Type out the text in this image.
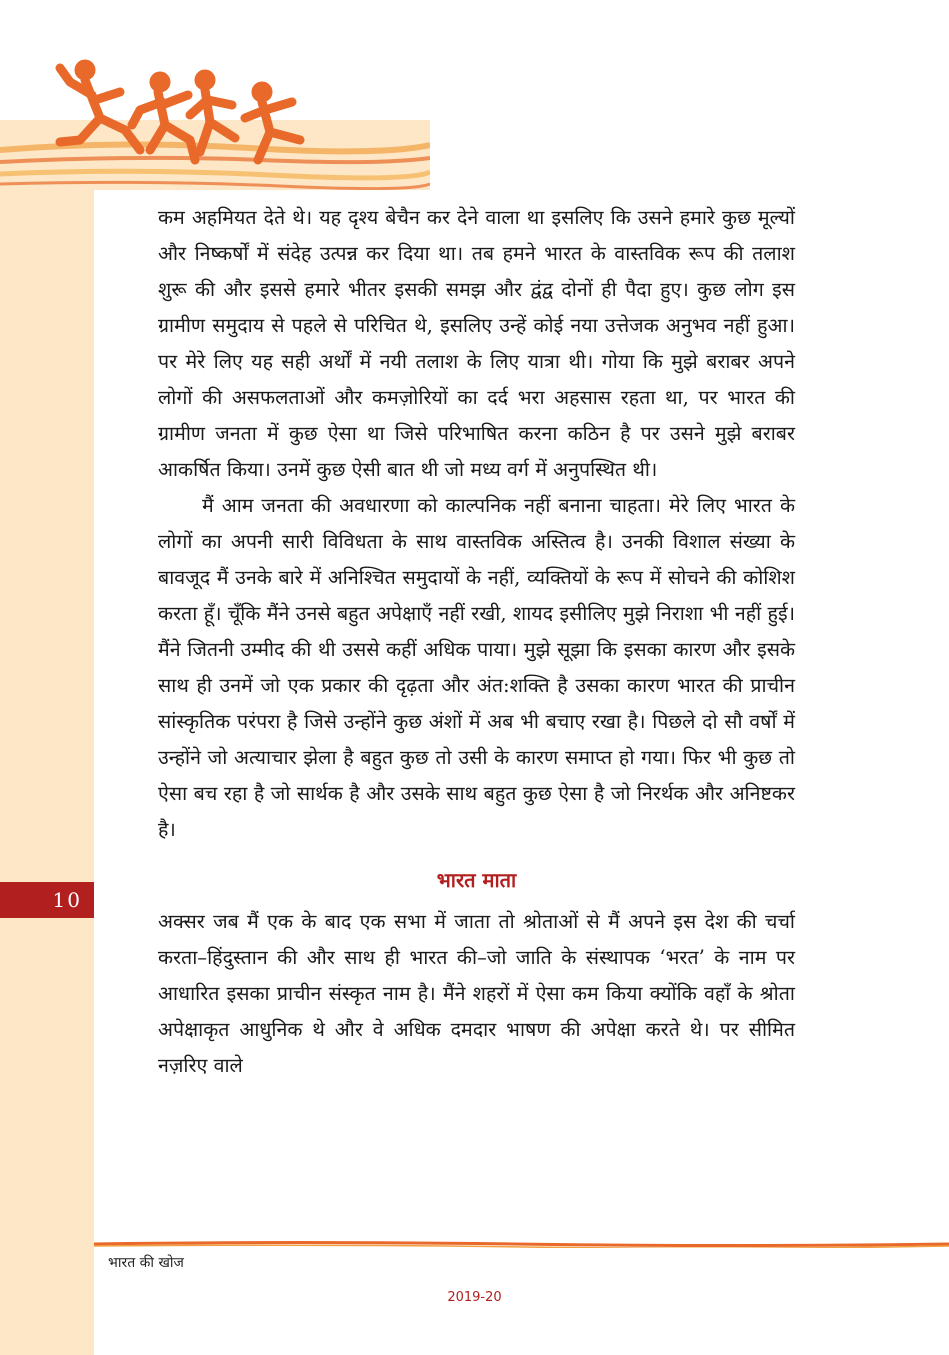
10

कम अहमियत देते थे। यह दृश्य बेचैन कर देने वाला था इसलिए कि उसने हमारे कुछ मूल्यों और निष्कर्षों में संदेह उत्पन्न कर दिया था। तब हमने भारत के वास्तविक रूप की तलाश शुरू की और इससे हमारे भीतर इसकी समझ और द्वंद्व दोनों ही पैदा हुए। कुछ लोग इस ग्रामीण समुदाय से पहले से परिचित थे, इसलिए उन्हें कोई नया उत्तेजक अनुभव नहीं हुआ। पर मेरे लिए यह सही अर्थों में नयी तलाश के लिए यात्रा थी। गोया कि मुझे बराबर अपने लोगों की असफलताओं और कमज़ोरियों का दर्द भरा अहसास रहता था, पर भारत की ग्रामीण जनता में कुछ ऐसा था जिसे परिभाषित करना कठिन है पर उसने मुझे बराबर आकर्षित किया। उनमें कुछ ऐसी बात थी जो मध्य वर्ग में अनुपस्थित थी।

मैं आम जनता की अवधारणा को काल्पनिक नहीं बनाना चाहता। मेरे लिए भारत के लोगों का अपनी सारी विविधता के साथ वास्तविक अस्तित्व है। उनकी विशाल संख्या के बावजूद मैं उनके बारे में अनिश्चित समुदायों के नहीं, व्यक्तियों के रूप में सोचने की कोशिश करता हूँ। चूँकि मैंने उनसे बहुत अपेक्षाएँ नहीं रखी, शायद इसीलिए मुझे निराशा भी नहीं हुई। मैंने जितनी उम्मीद की थी उससे कहीं अधिक पाया। मुझे सूझा कि इसका कारण और इसके साथ ही उनमें जो एक प्रकार की दृढ़ता और अंत:शक्ति है उसका कारण भारत की प्राचीन सांस्कृतिक परंपरा है जिसे उन्होंने कुछ अंशों में अब भी बचाए रखा है। पिछले दो सौ वर्षों में उन्होंने जो अत्याचार झेला है बहुत कुछ तो उसी के कारण समाप्त हो गया। फिर भी कुछ तो ऐसा बच रहा है जो सार्थक है और उसके साथ बहुत कुछ ऐसा है जो निरर्थक और अनिष्टकर है।

भारत माता

अक्सर जब मैं एक के बाद एक सभा में जाता तो श्रोताओं से मैं अपने इस देश की चर्चा करता–हिंदुस्तान की और साथ ही भारत की–जो जाति के संस्थापक ‘भरत’ के नाम पर आधारित इसका प्राचीन संस्कृत नाम है। मैंने शहरों में ऐसा कम किया क्योंकि वहाँ के श्रोता अपेक्षाकृत आधुनिक थे और वे अधिक दमदार भाषण की अपेक्षा करते थे। पर सीमित नज़रिए वाले

भारत की खोज
2019-20
